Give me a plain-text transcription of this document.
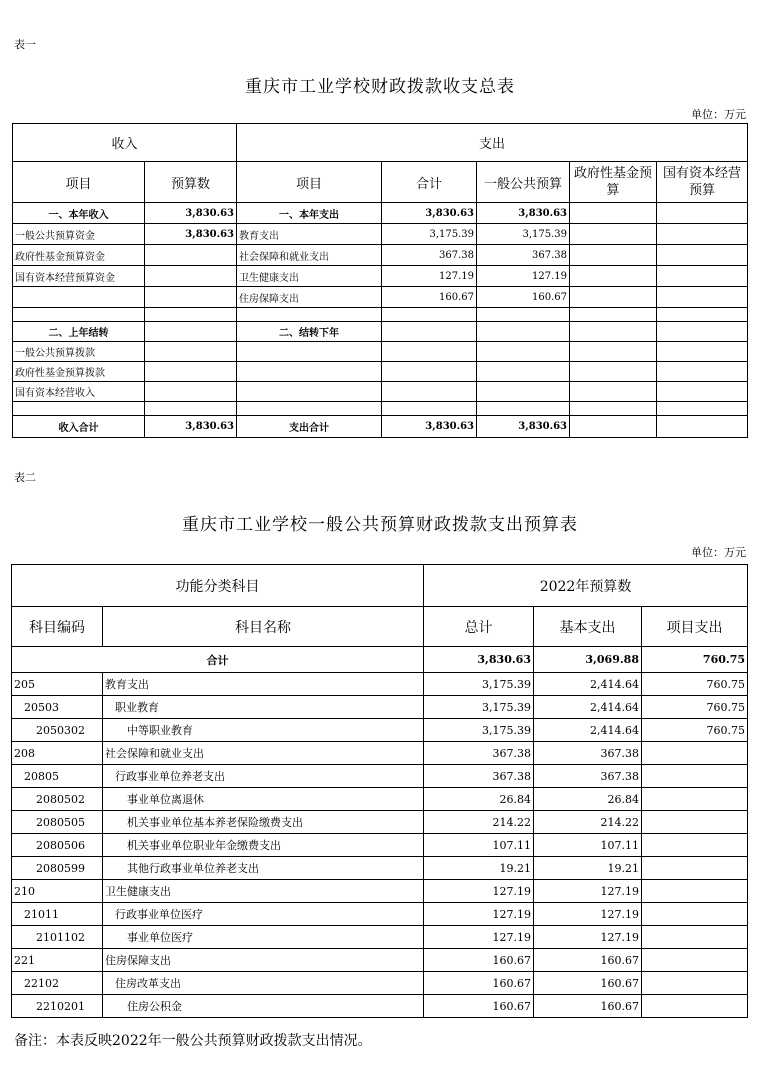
表一
重庆市工业学校财政拨款收支总表
单位：万元
收入		支出				
项目	预算数	项目	合计	一般公共预算	政府性基金预算	国有资本经营预算
一、本年收入	3,830.63	一、本年支出	3,830.63	3,830.63		
一般公共预算资金	3,830.63	教育支出	3,175.39	3,175.39		
政府性基金预算资金		社会保障和就业支出	367.38	367.38		
国有资本经营预算资金		卫生健康支出	127.19	127.19		
		住房保障支出	160.67	160.67		

二、上年结转		二、结转下年				
一般公共预算拨款						
政府性基金预算拨款						
国有资本经营收入						

收入合计	3,830.63	支出合计	3,830.63	3,830.63		
表二
重庆市工业学校一般公共预算财政拨款支出预算表
单位：万元
功能分类科目		2022年预算数		
科目编码	科目名称	总计	基本支出	项目支出
合计		3,830.63	3,069.88	760.75
205	教育支出	3,175.39	2,414.64	760.75
20503	职业教育	3,175.39	2,414.64	760.75
2050302	中等职业教育	3,175.39	2,414.64	760.75
208	社会保障和就业支出	367.38	367.38	
20805	行政事业单位养老支出	367.38	367.38	
2080502	事业单位离退休	26.84	26.84	
2080505	机关事业单位基本养老保险缴费支出	214.22	214.22	
2080506	机关事业单位职业年金缴费支出	107.11	107.11	
2080599	其他行政事业单位养老支出	19.21	19.21	
210	卫生健康支出	127.19	127.19	
21011	行政事业单位医疗	127.19	127.19	
2101102	事业单位医疗	127.19	127.19	
221	住房保障支出	160.67	160.67	
22102	住房改革支出	160.67	160.67	
2210201	住房公积金	160.67	160.67	
备注：本表反映2022年一般公共预算财政拨款支出情况。
